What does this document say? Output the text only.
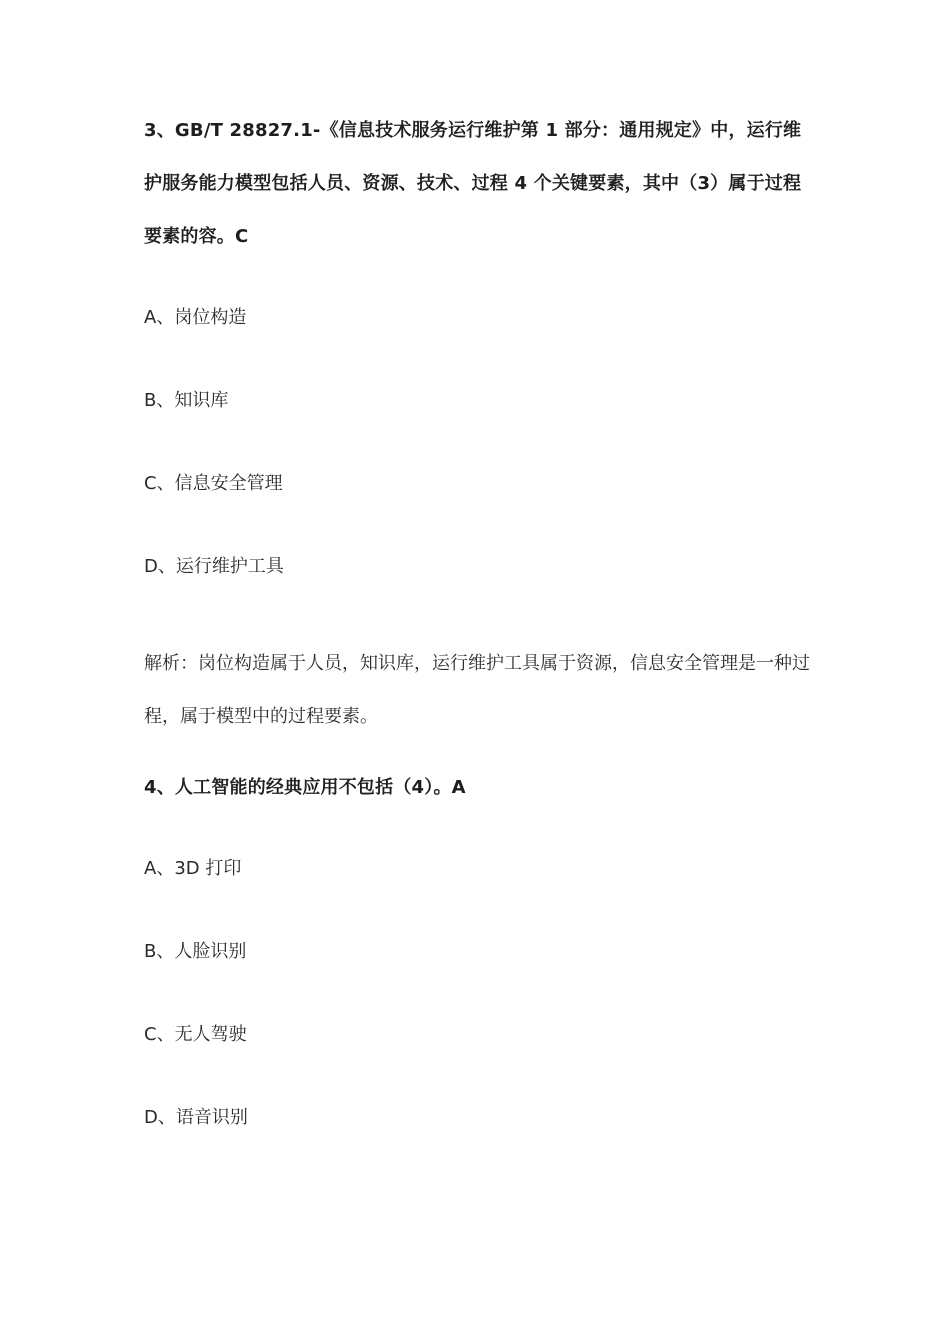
3、GB/T 28827.1-《信息技术服务运行维护第 1 部分：通用规定》中，运行维护服务能力模型包括人员、资源、技术、过程 4 个关键要素，其中（3）属于过程要素的容。C

A、岗位构造

B、知识库

C、信息安全管理

D、运行维护工具

解析：岗位构造属于人员，知识库，运行维护工具属于资源，信息安全管理是一种过程，属于模型中的过程要素。

4、人工智能的经典应用不包括（4）。A

A、3D 打印

B、人脸识别

C、无人驾驶

D、语音识别
